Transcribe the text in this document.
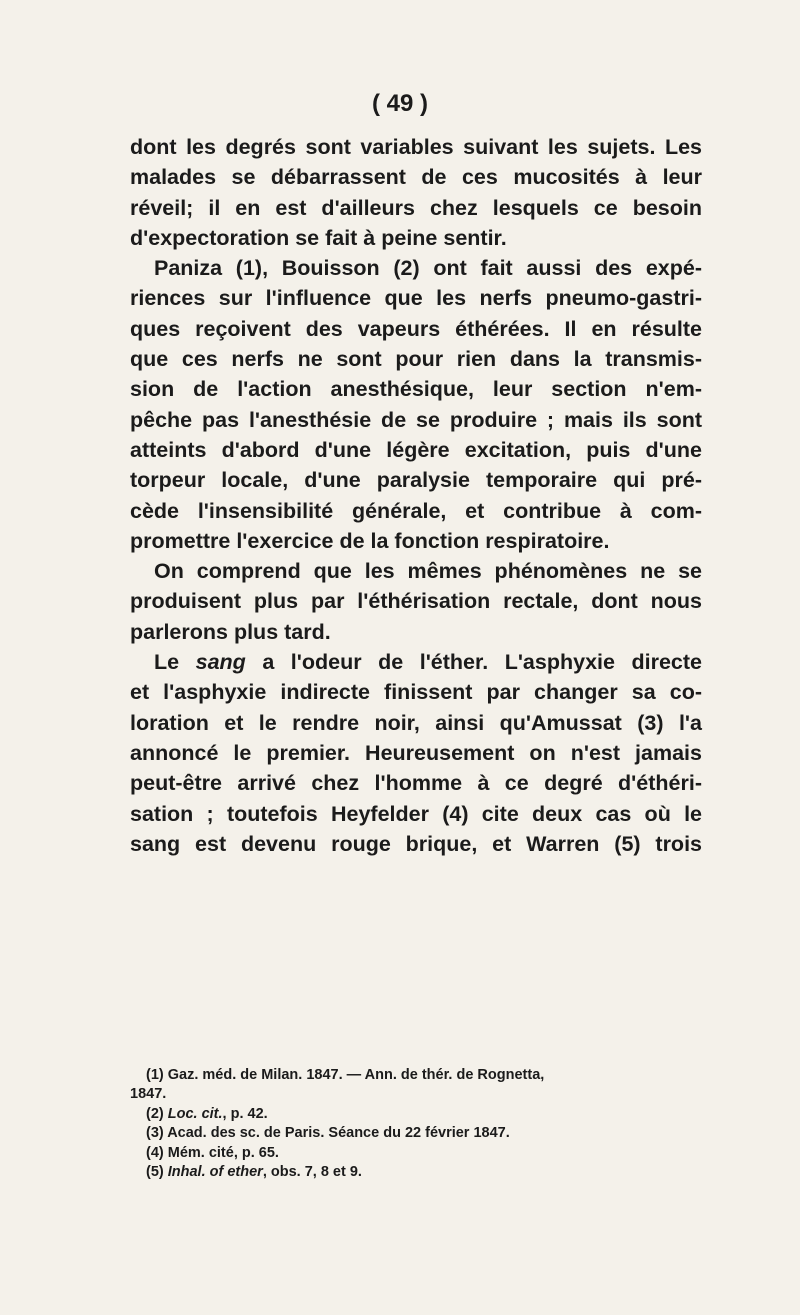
( 49 )

dont les degrés sont variables suivant les sujets. Les

malades se débarrassent de ces mucosités à leur

réveil; il en est d'ailleurs chez lesquels ce besoin

d'expectoration se fait à peine sentir.

Paniza (1), Bouisson (2) ont fait aussi des expé-

riences sur l'influence que les nerfs pneumo-gastri-

ques reçoivent des vapeurs éthérées. Il en résulte

que ces nerfs ne sont pour rien dans la transmis-

sion de l'action anesthésique, leur section n'em-

pêche pas l'anesthésie de se produire ; mais ils sont

atteints d'abord d'une légère excitation, puis d'une

torpeur locale, d'une paralysie temporaire qui pré-

cède l'insensibilité générale, et contribue à com-

promettre l'exercice de la fonction respiratoire.

On comprend que les mêmes phénomènes ne se

produisent plus par l'éthérisation rectale, dont nous

parlerons plus tard.

Le sang a l'odeur de l'éther. L'asphyxie directe

et l'asphyxie indirecte finissent par changer sa co-

loration et le rendre noir, ainsi qu'Amussat (3) l'a

annoncé le premier. Heureusement on n'est jamais

peut-être arrivé chez l'homme à ce degré d'éthéri-

sation ; toutefois Heyfelder (4) cite deux cas où le

sang est devenu rouge brique, et Warren (5) trois

(1) Gaz. méd. de Milan. 1847. — Ann. de thér. de Rognetta,

1847.

(2) Loc. cit., p. 42.

(3) Acad. des sc. de Paris. Séance du 22 février 1847.

(4) Mém. cité, p. 65.

(5) Inhal. of ether, obs. 7, 8 et 9.
